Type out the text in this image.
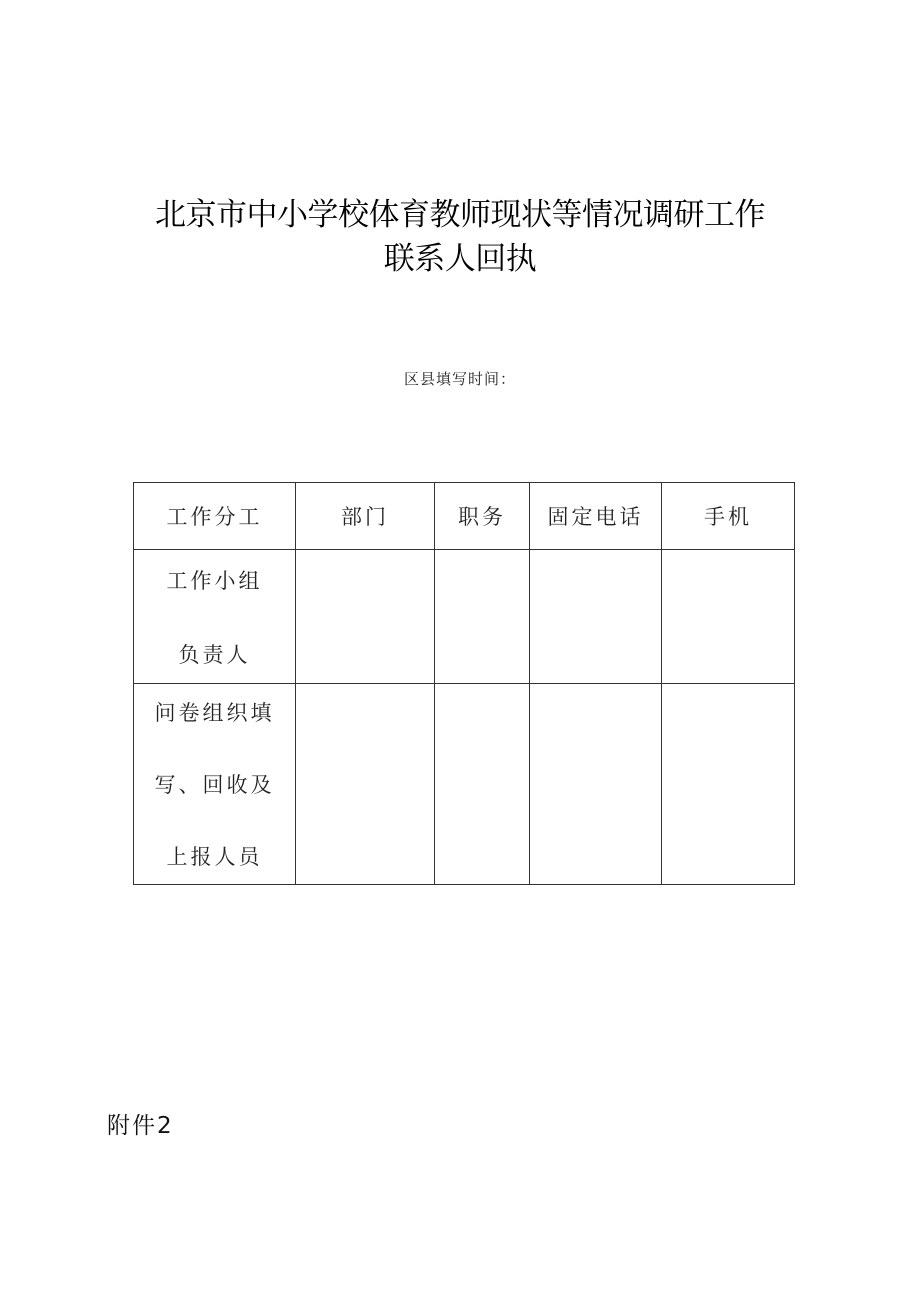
北京市中小学校体育教师现状等情况调研工作
联系人回执
区县填写时间：
工作分工	部门	职务	固定电话	手机

工作小组
负责人				

问卷组织填
写、回收及
上报人员				

附件2
